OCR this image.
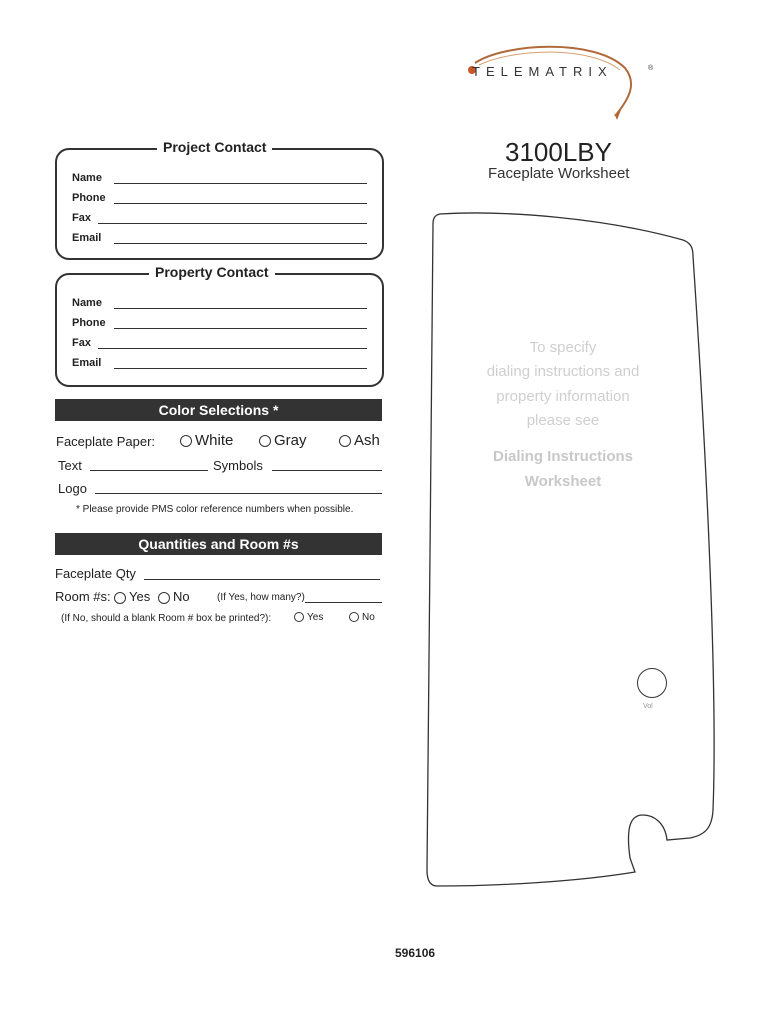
TELEMATRIX	®
3100LBY
Faceplate Worksheet
Project Contact
Name
Phone
Fax
Email
Property Contact
Name
Phone
Fax
Email
Color Selections *
Faceplate Paper:	White	Gray	Ash
Text	Symbols
Logo
* Please provide PMS color reference numbers when possible.
Quantities and Room #s
Faceplate Qty
Room #s:	Yes	No	(If Yes, how many?)
(If No, should a blank Room # box be printed?):	Yes	No
Vol
To specify
dialing instructions and
property information
please see
Dialing Instructions
Worksheet
596106
